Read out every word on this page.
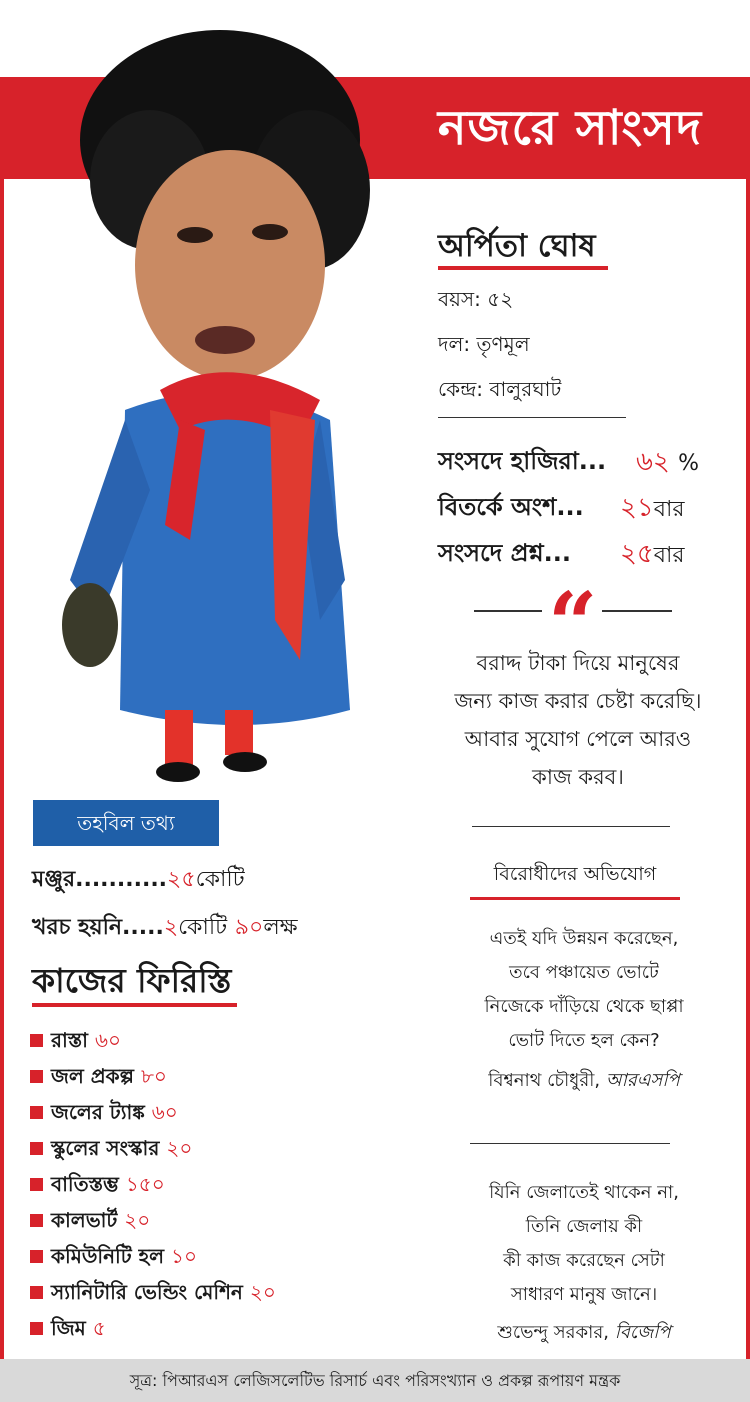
নজরে সাংসদ
অর্পিতা ঘোষ
বয়স: ৫২
দল: তৃণমূল
কেন্দ্র: বালুরঘাট
সংসদে হাজিরা... ৬২ %
বিতর্কে অংশ... ২১বার
সংসদে প্রশ্ন... ২৫বার
“
বরাদ্দ টাকা দিয়ে মানুষের
জন্য কাজ করার চেষ্টা করেছি।
আবার সুযোগ পেলে আরও
কাজ করব।
তহবিল তথ্য
মঞ্জুর...........২৫কোটি
খরচ হয়নি.....২কোটি ৯০লক্ষ
কাজের ফিরিস্তি
রাস্তা ৬০
জল প্রকল্প ৮০
জলের ট্যাঙ্ক ৬০
স্কুলের সংস্কার ২০
বাতিস্তম্ভ ১৫০
কালভার্ট ২০
কমিউনিটি হল ১০
স্যানিটারি ভেন্ডিং মেশিন ২০
জিম ৫
বিরোধীদের অভিযোগ
এতই যদি উন্নয়ন করেছেন,
তবে পঞ্চায়েত ভোটে
নিজেকে দাঁড়িয়ে থেকে ছাপ্পা
ভোট দিতে হল কেন?
বিশ্বনাথ চৌধুরী, আরএসপি
যিনি জেলাতেই থাকেন না,
তিনি জেলায় কী
কী কাজ করেছেন সেটা
সাধারণ মানুষ জানে।
শুভেন্দু সরকার, বিজেপি
সূত্র: পিআরএস লেজিসলেটিভ রিসার্চ এবং পরিসংখ্যান ও প্রকল্প রূপায়ণ মন্ত্রক
